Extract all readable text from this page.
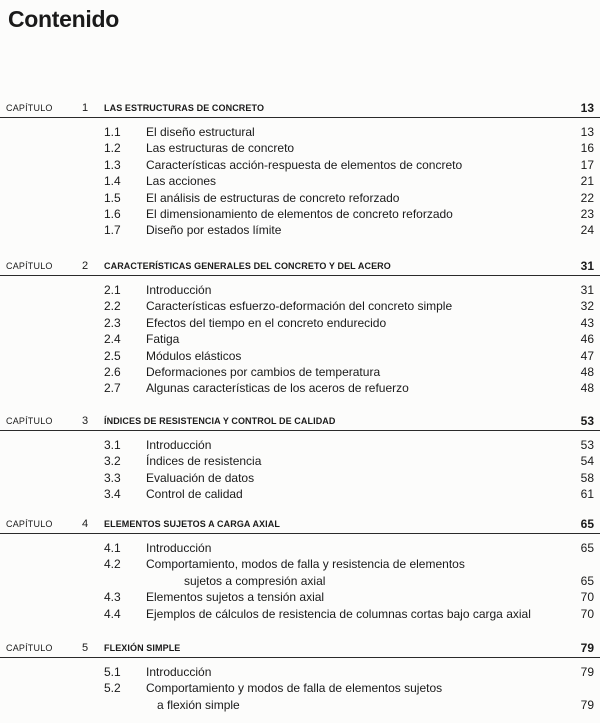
Contenido
CAPÍTULO	1 LAS ESTRUCTURAS DE CONCRETO	13
1.1 El diseño estructural	13
1.2 Las estructuras de concreto	16
1.3 Características acción-respuesta de elementos de concreto	17
1.4 Las acciones	21
1.5 El análisis de estructuras de concreto reforzado	22
1.6 El dimensionamiento de elementos de concreto reforzado	23
1.7 Diseño por estados límite	24
CAPÍTULO	2 CARACTERÍSTICAS GENERALES DEL CONCRETO Y DEL ACERO	31
2.1 Introducción	31
2.2 Características esfuerzo-deformación del concreto simple	32
2.3 Efectos del tiempo en el concreto endurecido	43
2.4 Fatiga	46
2.5 Módulos elásticos	47
2.6 Deformaciones por cambios de temperatura	48
2.7 Algunas características de los aceros de refuerzo	48
CAPÍTULO	3 ÍNDICES DE RESISTENCIA Y CONTROL DE CALIDAD	53
3.1 Introducción	53
3.2 Índices de resistencia	54
3.3 Evaluación de datos	58
3.4 Control de calidad	61
CAPÍTULO	4 ELEMENTOS SUJETOS A CARGA AXIAL	65
4.1 Introducción	65
4.2 Comportamiento, modos de falla y resistencia de elementos
sujetos a compresión axial	65
4.3 Elementos sujetos a tensión axial	70
4.4 Ejemplos de cálculos de resistencia de columnas cortas bajo carga axial	70
CAPÍTULO	5 FLEXIÓN SIMPLE	79
5.1 Introducción	79
5.2 Comportamiento y modos de falla de elementos sujetos
a flexión simple	79
